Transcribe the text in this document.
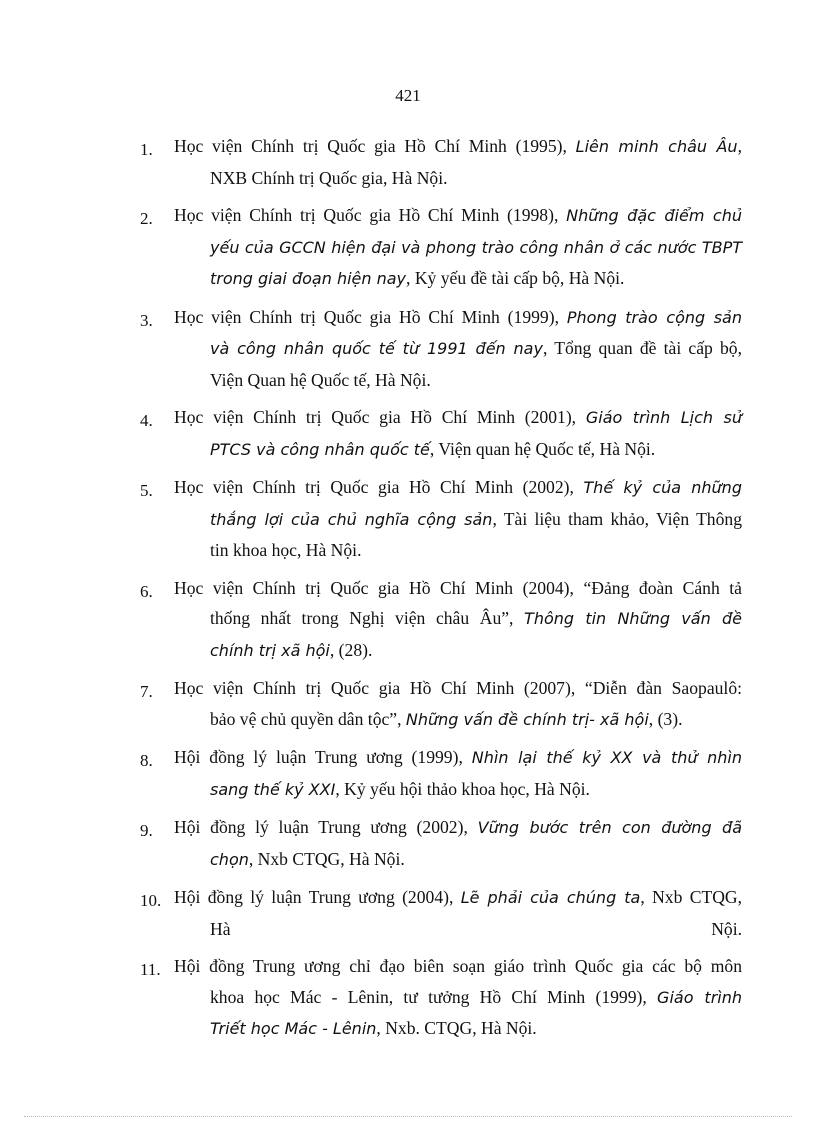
421
1.	Học viện Chính trị Quốc gia Hồ Chí Minh (1995), Liên minh châu Âu,
NXB Chính trị Quốc gia, Hà Nội.
2.	Học viện Chính trị Quốc gia Hồ Chí Minh (1998), Những đặc điểm chủ
yếu của GCCN hiện đại và phong trào công nhân ở các nước TBPT
trong giai đoạn hiện nay, Kỷ yếu đề tài cấp bộ, Hà Nội.
3.	Học viện Chính trị Quốc gia Hồ Chí Minh (1999), Phong trào cộng sản
và công nhân quốc tế từ 1991 đến nay, Tổng quan đề tài cấp bộ,
Viện Quan hệ Quốc tế, Hà Nội.
4.	Học viện Chính trị Quốc gia Hồ Chí Minh (2001), Giáo trình Lịch sử
PTCS và công nhân quốc tế, Viện quan hệ Quốc tế, Hà Nội.
5.	Học viện Chính trị Quốc gia Hồ Chí Minh (2002), Thế kỷ của những
thắng lợi của chủ nghĩa cộng sản, Tài liệu tham khảo, Viện Thông
tin khoa học, Hà Nội.
6.	Học viện Chính trị Quốc gia Hồ Chí Minh (2004), “Đảng đoàn Cánh tả
thống nhất trong Nghị viện châu Âu”, Thông tin Những vấn đề
chính trị xã hội, (28).
7.	Học viện Chính trị Quốc gia Hồ Chí Minh (2007), “Diễn đàn Saopaulô:
bảo vệ chủ quyền dân tộc”, Những vấn đề chính trị- xã hội, (3).
8.	Hội đồng lý luận Trung ương (1999), Nhìn lại thế kỷ XX và thử nhìn
sang thế kỷ XXI, Kỷ yếu hội thảo khoa học, Hà Nội.
9.	Hội đồng lý luận Trung ương (2002), Vững bước trên con đường đã
chọn, Nxb CTQG, Hà Nội.
10. Hội đồng lý luận Trung ương (2004), Lẽ phải của chúng ta, Nxb CTQG,
Hà	Nội.
11. Hội đồng Trung ương chỉ đạo biên soạn giáo trình Quốc gia các bộ môn
khoa học Mác - Lênin, tư tưởng Hồ Chí Minh (1999), Giáo trình
Triết học Mác - Lênin, Nxb. CTQG, Hà Nội.
